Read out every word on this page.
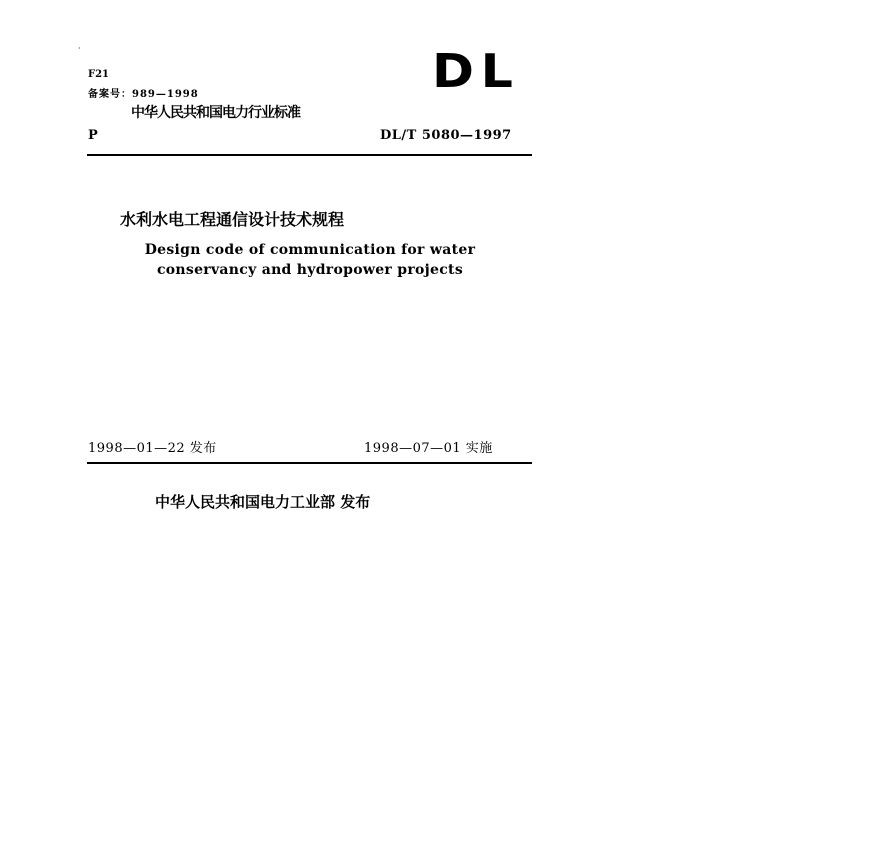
·
F21
备案号：989—1998
中华人民共和国电力行业标准
DL
P	DL/T 5080—1997
水利水电工程通信设计技术规程
Design code of communication for water
conservancy and hydropower projects
1998—01—22 发布	1998—07—01 实施
中华人民共和国电力工业部 发布
